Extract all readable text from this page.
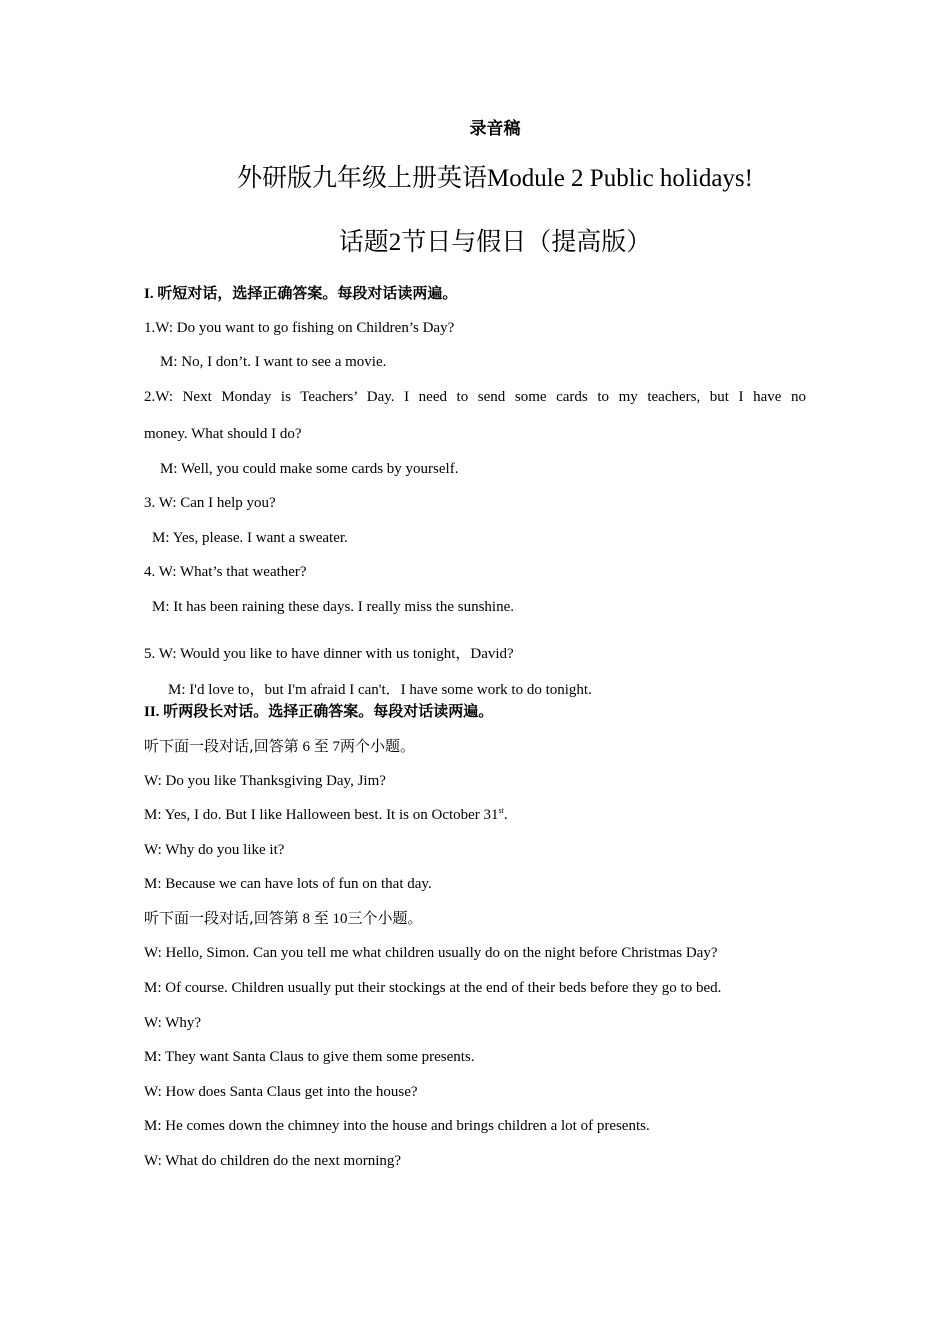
录音稿
外研版九年级上册英语Module 2 Public holidays!
话题2节日与假日（提高版）
I. 听短对话，选择正确答案。每段对话读两遍。
1.W: Do you want to go fishing on Children’s Day?
M: No, I don’t. I want to see a movie.
2.W: Next Monday is Teachers’ Day. I need to send some cards to my teachers, but I have no
money. What should I do?
M: Well, you could make some cards by yourself.
3. W: Can I help you?
M: Yes, please. I want a sweater.
4. W: What’s that weather?
M: It has been raining these days. I really miss the sunshine.
5. W: Would you like to have dinner with us tonight，David?
M: I'd love to，but I'm afraid I can't．I have some work to do tonight.
II. 听两段长对话。选择正确答案。每段对话读两遍。
听下面一段对话,回答第 6 至 7两个小题。
W: Do you like Thanksgiving Day, Jim?
M: Yes, I do. But I like Halloween best. It is on October 31st.
W: Why do you like it?
M: Because we can have lots of fun on that day.
听下面一段对话,回答第 8 至 10三个小题。
W: Hello, Simon. Can you tell me what children usually do on the night before Christmas Day?
M: Of course. Children usually put their stockings at the end of their beds before they go to bed.
W: Why?
M: They want Santa Claus to give them some presents.
W: How does Santa Claus get into the house?
M: He comes down the chimney into the house and brings children a lot of presents.
W: What do children do the next morning?
